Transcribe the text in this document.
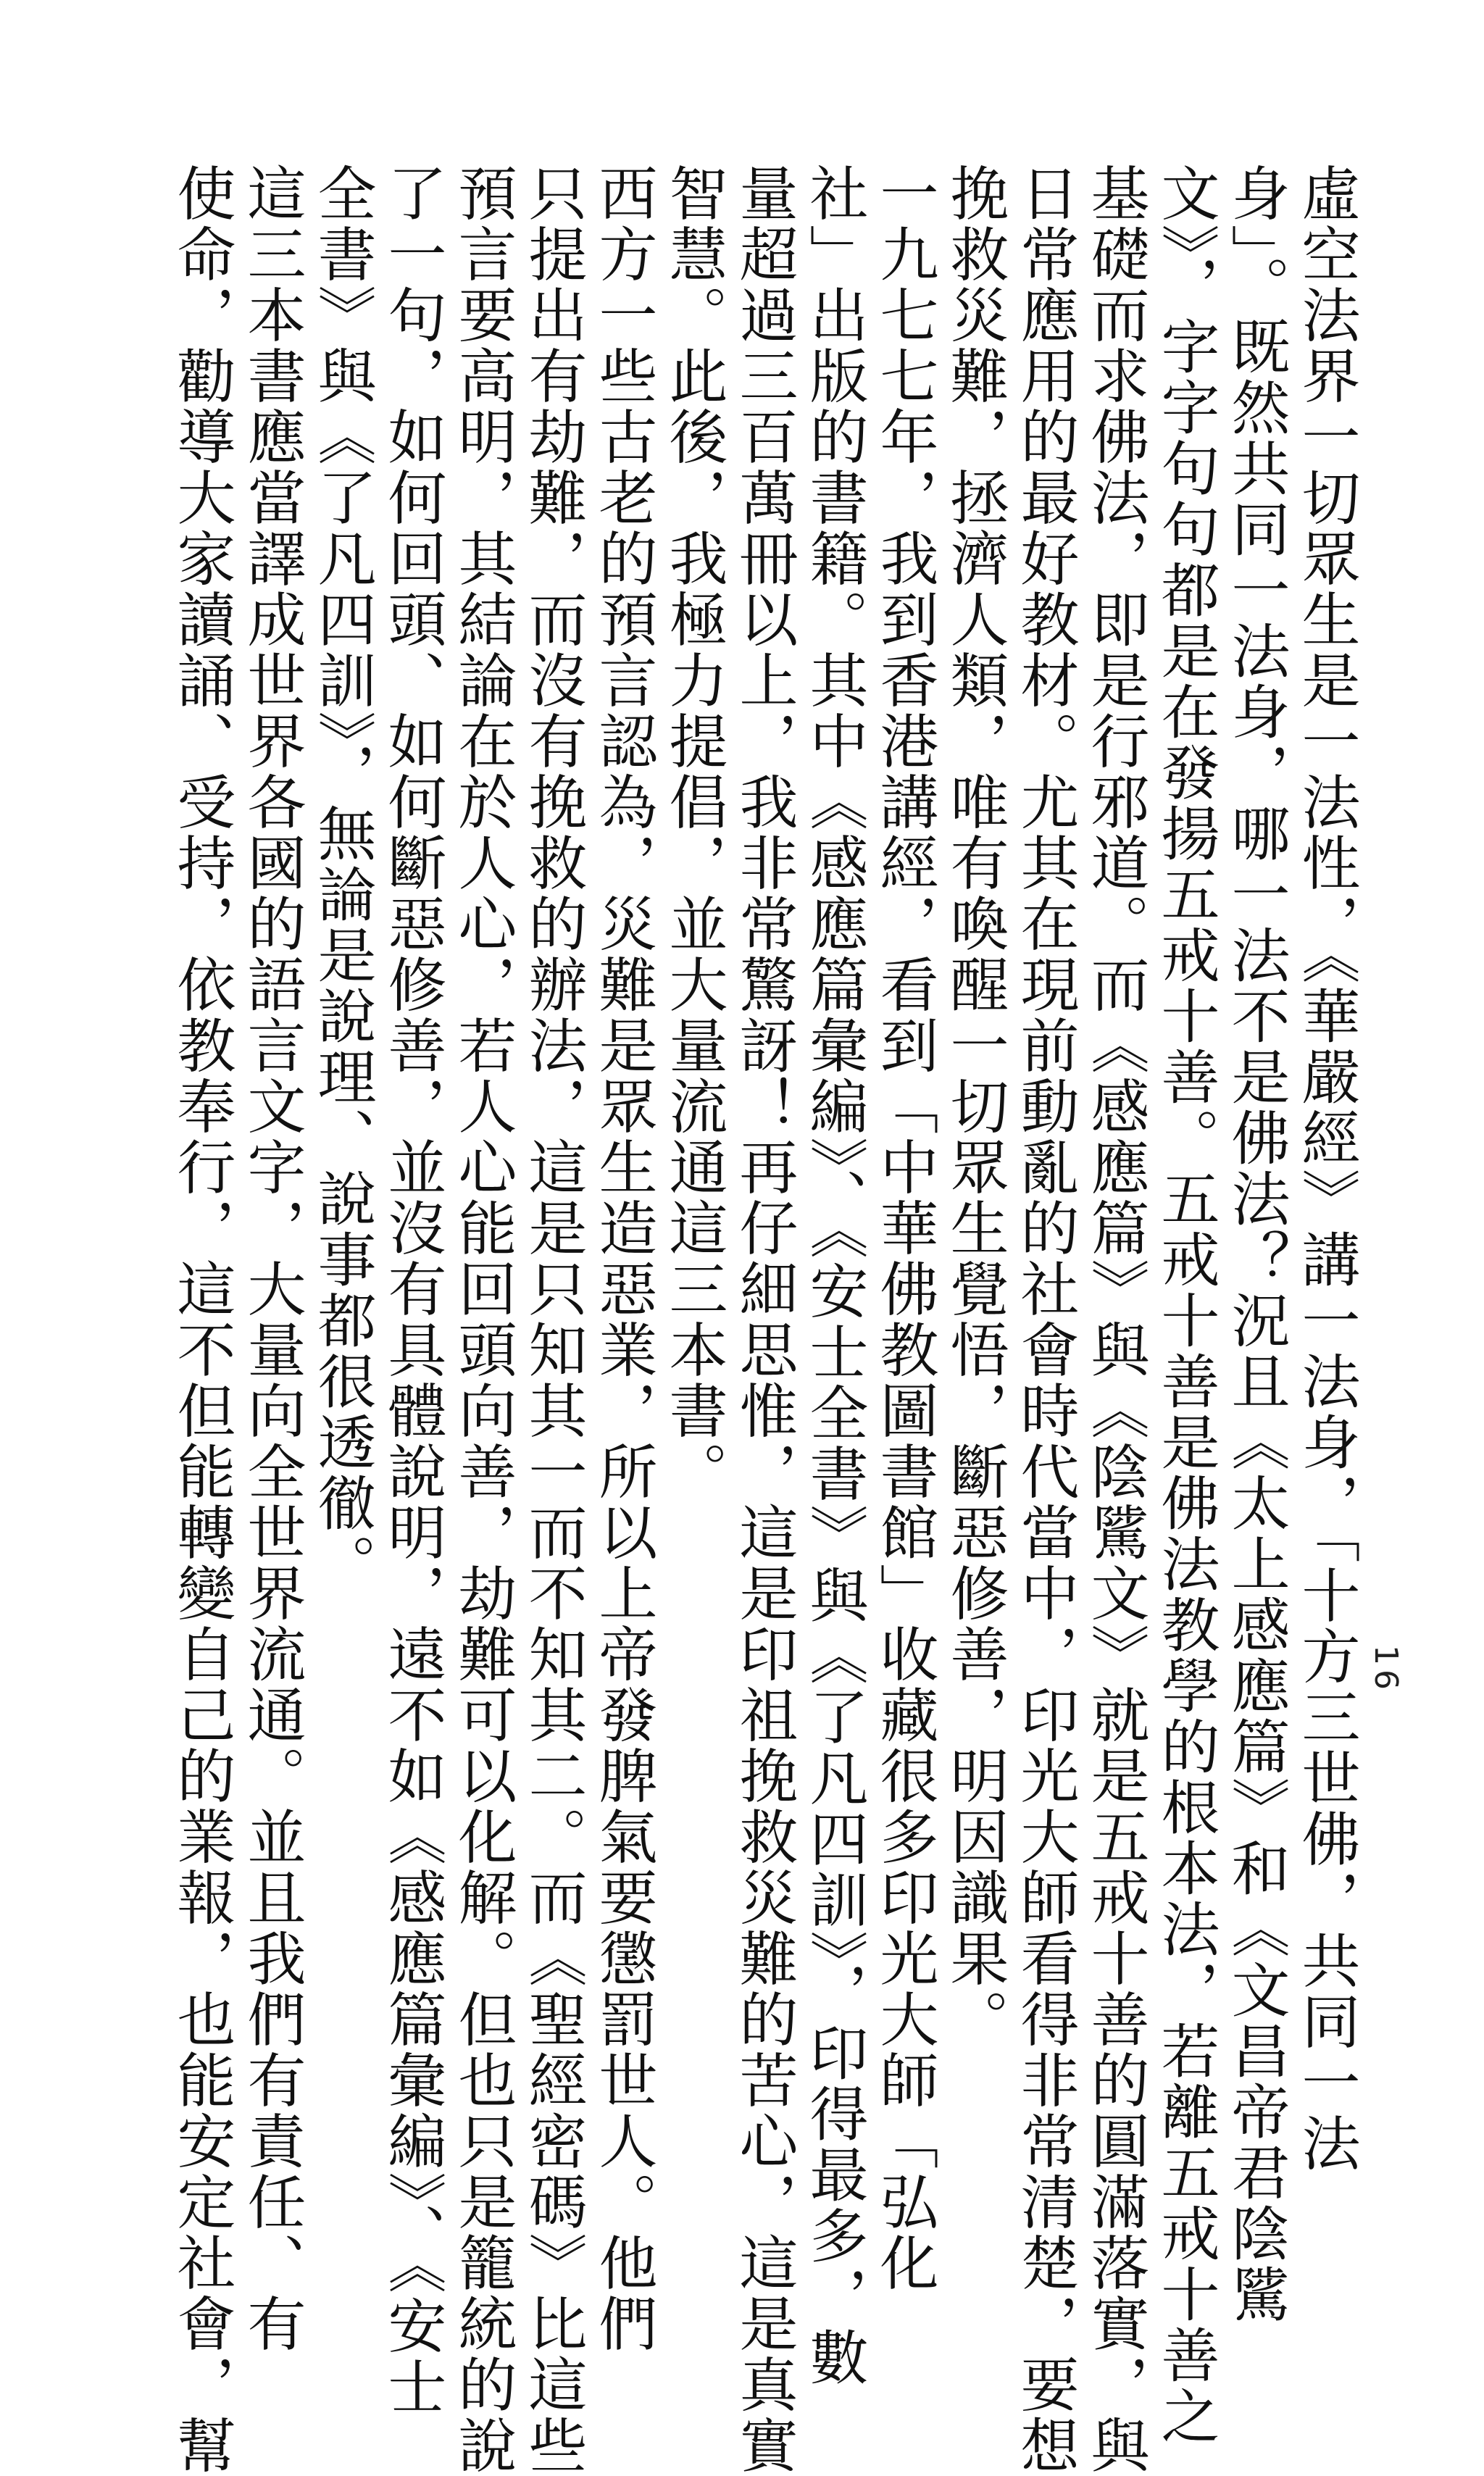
16
虛空法界一切眾生是一法性，《華嚴經》講一法身，「十方三世佛，共同一法
身」。既然共同一法身，哪一法不是佛法？況且《太上感應篇》和《文昌帝君陰騭
文》，字字句句都是在發揚五戒十善。五戒十善是佛法教學的根本法，若離五戒十善之
基礎而求佛法，即是行邪道。而《感應篇》與《陰騭文》就是五戒十善的圓滿落實，與
日常應用的最好教材。尤其在現前動亂的社會時代當中，印光大師看得非常清楚，要想
挽救災難，拯濟人類，唯有喚醒一切眾生覺悟，斷惡修善，明因識果。
一九七七年，我到香港講經，看到「中華佛教圖書館」收藏很多印光大師「弘化
社」出版的書籍。其中《感應篇彙編》、《安士全書》與《了凡四訓》，印得最多，數
量超過三百萬冊以上，我非常驚訝！再仔細思惟，這是印祖挽救災難的苦心，這是真實
智慧。此後，我極力提倡，並大量流通這三本書。
西方一些古老的預言認為，災難是眾生造惡業，所以上帝發脾氣要懲罰世人。他們
只提出有劫難，而沒有挽救的辦法，這是只知其一而不知其二。而《聖經密碼》比這些
預言要高明，其結論在於人心，若人心能回頭向善，劫難可以化解。但也只是籠統的說
了一句，如何回頭、如何斷惡修善，並沒有具體說明，遠不如《感應篇彙編》、《安士
全書》與《了凡四訓》，無論是說理、說事都很透徹。
這三本書應當譯成世界各國的語言文字，大量向全世界流通。並且我們有責任、有
使命，勸導大家讀誦、受持，依教奉行，這不但能轉變自己的業報，也能安定社會，幫
